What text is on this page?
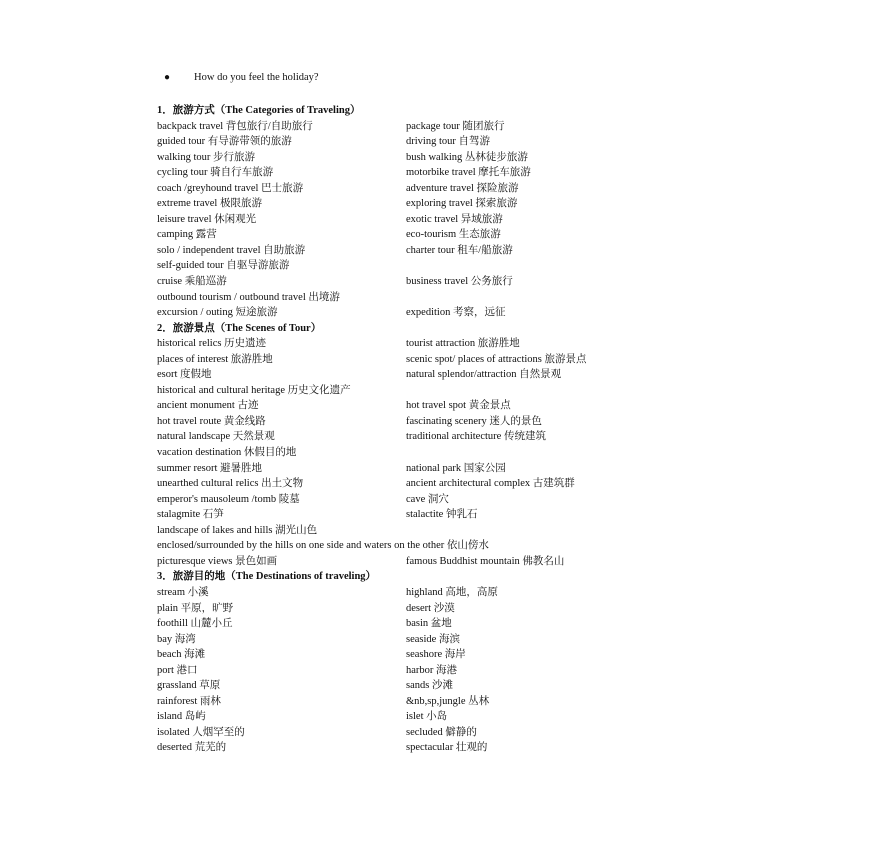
● How do you feel the holiday?
1．旅游方式（The Categories of Traveling）
backpack travel 背包旅行/自助旅行	package tour 随团旅行
guided tour 有导游带领的旅游	driving tour 自驾游
walking tour 步行旅游	bush walking 丛林徒步旅游
cycling tour 骑自行车旅游	motorbike travel 摩托车旅游
coach /greyhound travel 巴士旅游	adventure travel 探险旅游
extreme travel 极限旅游	exploring travel 探索旅游
leisure travel 休闲观光	exotic travel 异域旅游
camping 露营	eco-tourism 生态旅游
solo / independent travel 自助旅游	charter tour 租车/船旅游
self-guided tour 自驱导游旅游
cruise 乘船巡游	business travel 公务旅行
outbound tourism / outbound travel 出境游
excursion / outing 短途旅游	expedition 考察，远征
2．旅游景点（The Scenes of Tour）
historical relics 历史遗迹	tourist attraction 旅游胜地
places of interest 旅游胜地	scenic spot/ places of attractions 旅游景点
esort 度假地	natural splendor/attraction 自然景观
historical and cultural heritage 历史文化遗产
ancient monument 古迹	hot travel spot 黄金景点
hot travel route 黄金线路	fascinating scenery 迷人的景色
natural landscape 天然景观	traditional architecture 传统建筑
vacation destination 休假目的地
summer resort 避暑胜地	national park 国家公园
unearthed cultural relics 出土文物	ancient architectural complex 古建筑群
emperor's mausoleum /tomb 陵墓	cave 洞穴
stalagmite 石笋	stalactite 钟乳石
landscape of lakes and hills 湖光山色
enclosed/surrounded by the hills on one side and waters on the other 依山傍水
picturesque views 景色如画	famous Buddhist mountain 佛教名山
3．旅游目的地（The Destinations of traveling）
stream 小溪	highland 高地，高原
plain 平原，旷野	desert 沙漠
foothill 山麓小丘	basin 盆地
bay 海湾	seaside 海滨
beach 海滩	seashore 海岸
port 港口	harbor 海港
grassland 草原	sands 沙滩
rainforest 雨林	&nb,sp,jungle 丛林
island 岛屿	islet 小岛
isolated 人烟罕至的	secluded 僻静的
deserted 荒芜的	spectacular 壮观的
